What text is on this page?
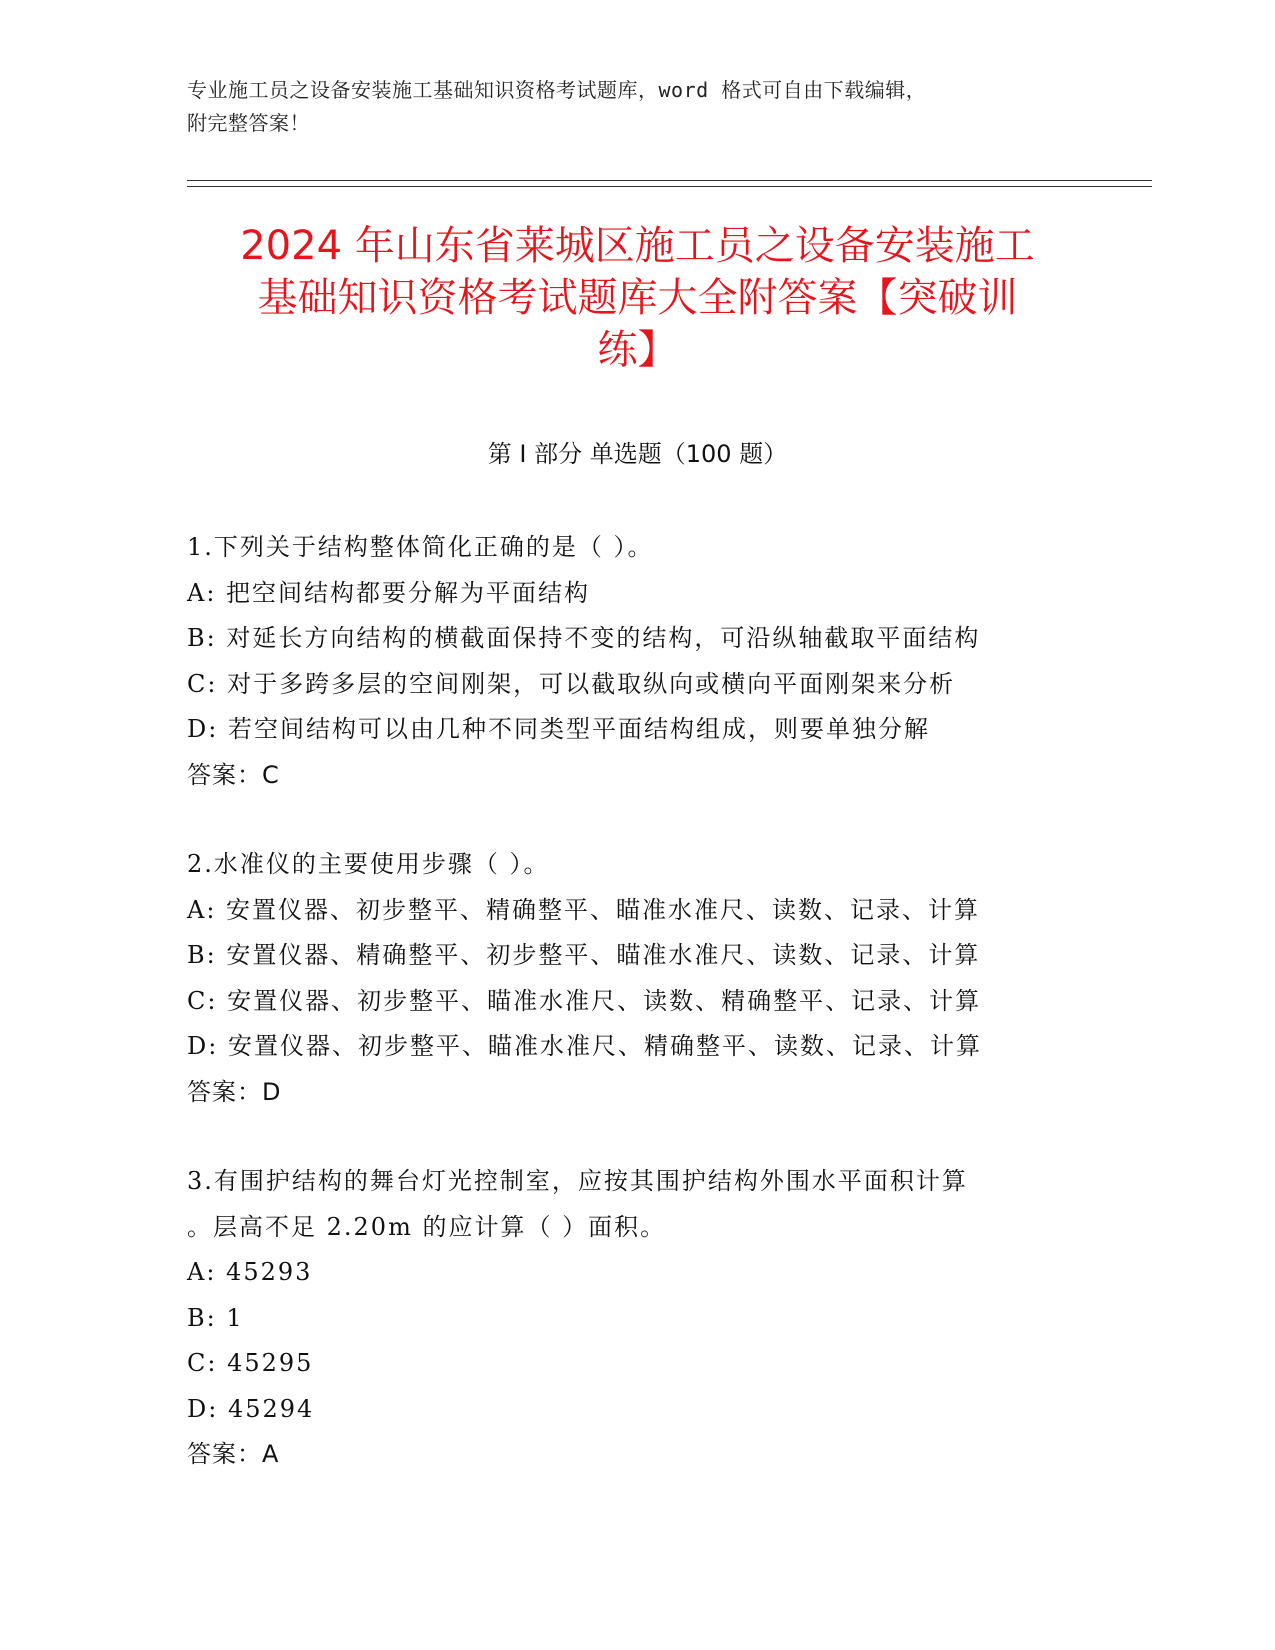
专业施工员之设备安装施工基础知识资格考试题库，word 格式可自由下载编辑，
附完整答案！
2024 年山东省莱城区施工员之设备安装施工
基础知识资格考试题库大全附答案【突破训
练】
第 I 部分 单选题（100 题）
1.下列关于结构整体简化正确的是（ ）。
A: 把空间结构都要分解为平面结构
B: 对延长方向结构的横截面保持不变的结构，可沿纵轴截取平面结构
C: 对于多跨多层的空间刚架，可以截取纵向或横向平面刚架来分析
D: 若空间结构可以由几种不同类型平面结构组成，则要单独分解
答案：C
2.水准仪的主要使用步骤（ ）。
A: 安置仪器、初步整平、精确整平、瞄准水准尺、读数、记录、计算
B: 安置仪器、精确整平、初步整平、瞄准水准尺、读数、记录、计算
C: 安置仪器、初步整平、瞄准水准尺、读数、精确整平、记录、计算
D: 安置仪器、初步整平、瞄准水准尺、精确整平、读数、记录、计算
答案：D
3.有围护结构的舞台灯光控制室，应按其围护结构外围水平面积计算
。层高不足 2.20m 的应计算（ ）面积。
A: 45293
B: 1
C: 45295
D: 45294
答案：A
